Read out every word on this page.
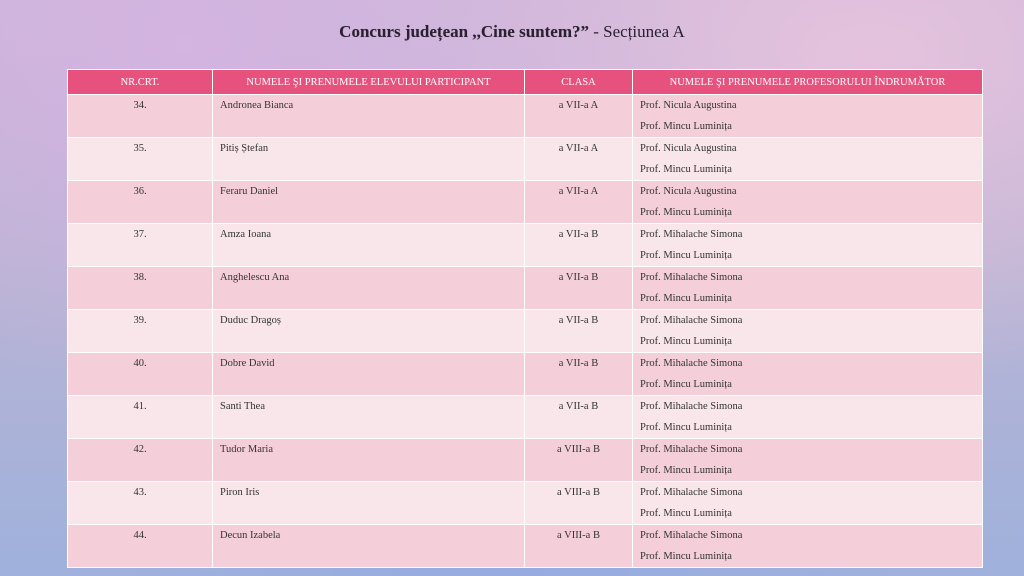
Concurs județean ,,Cine suntem?” - Secțiunea A
NR.CRT.	NUMELE ŞI PRENUMELE ELEVULUI PARTICIPANT	CLASA	NUMELE ŞI PRENUMELE PROFESORULUI ÎNDRUMĂTOR

34.	Andronea Bianca	a VII-a A	Prof. Nicula Augustina
Prof. Mincu Luminița

35.	Pitiș Ștefan	a VII-a A	Prof. Nicula Augustina
Prof. Mincu Luminița

36.	Feraru Daniel	a VII-a A	Prof. Nicula Augustina
Prof. Mincu Luminița

37.	Amza Ioana	a VII-a B	Prof. Mihalache Simona
Prof. Mincu Luminița

38.	Anghelescu Ana	a VII-a B	Prof. Mihalache Simona
Prof. Mincu Luminița

39.	Duduc Dragoș	a VII-a B	Prof. Mihalache Simona
Prof. Mincu Luminița

40.	Dobre David	a VII-a B	Prof. Mihalache Simona
Prof. Mincu Luminița

41.	Santi Thea	a VII-a B	Prof. Mihalache Simona
Prof. Mincu Luminița

42.	Tudor Maria	a VIII-a B	Prof. Mihalache Simona
Prof. Mincu Luminița

43.	Piron Iris	a VIII-a B	Prof. Mihalache Simona
Prof. Mincu Luminița

44.	Decun Izabela	a VIII-a B	Prof. Mihalache Simona
Prof. Mincu Luminița
